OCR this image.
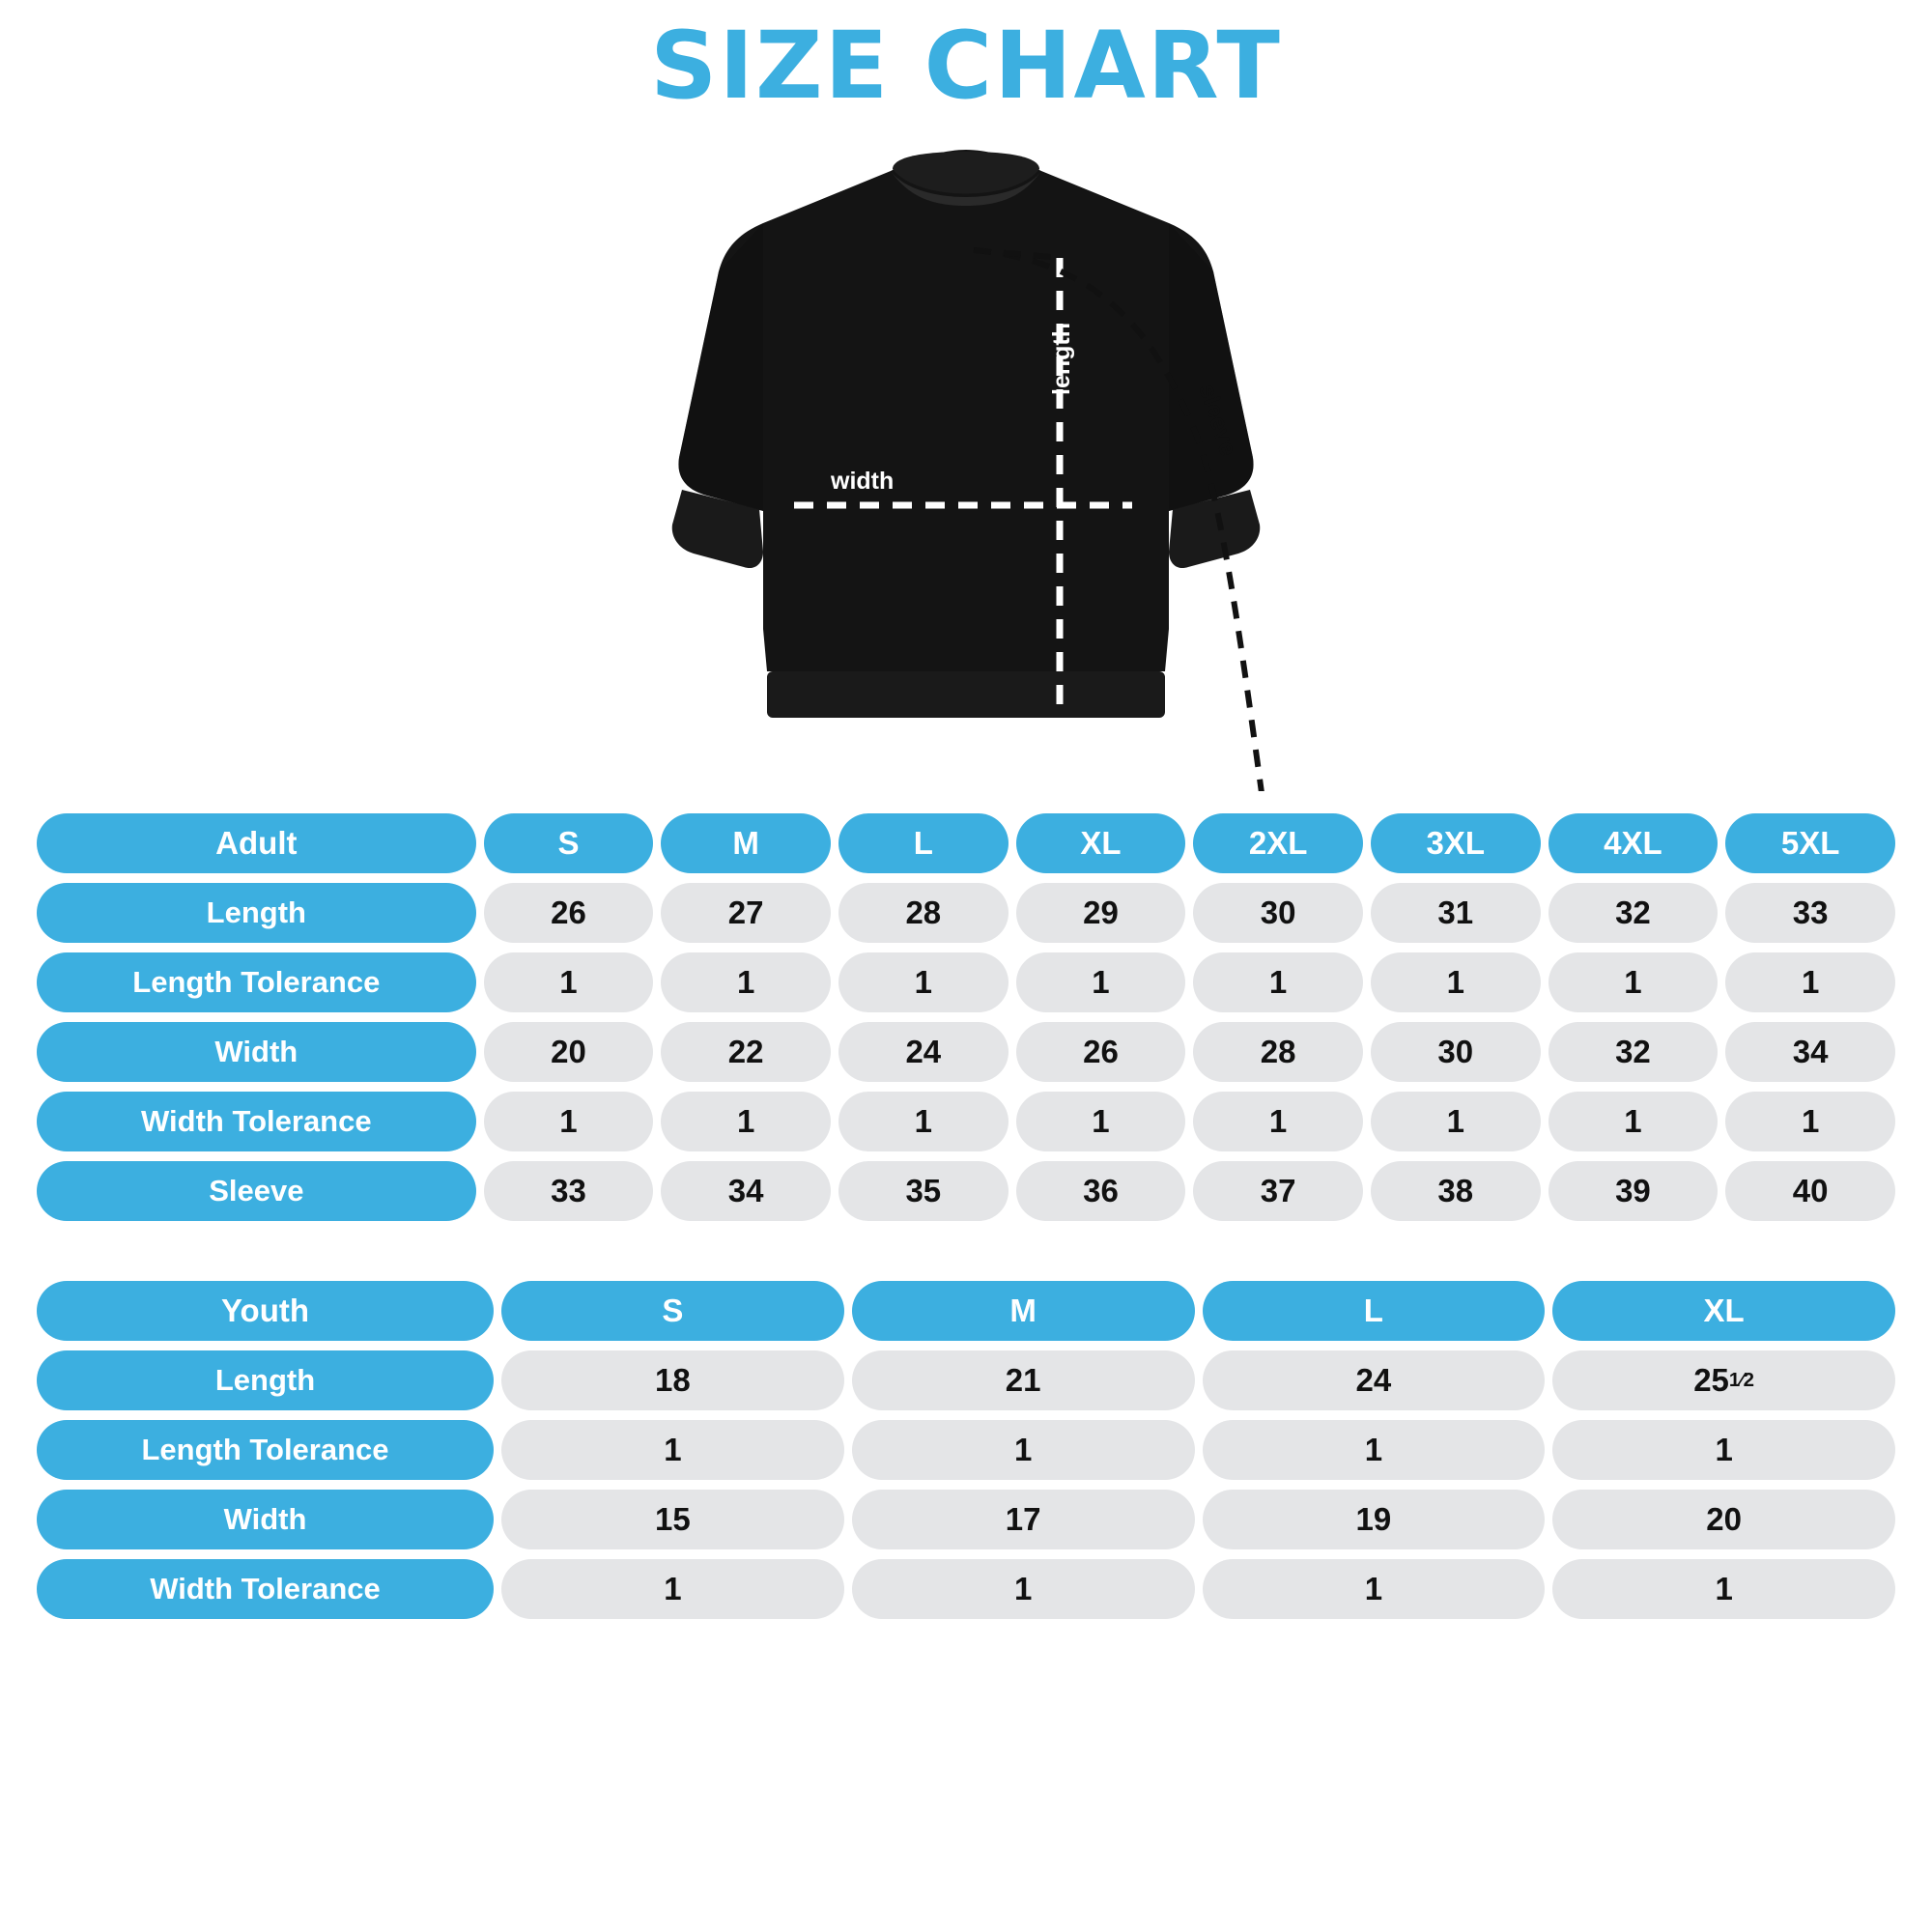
SIZE CHART
width
length
sleeve
Adult	S	M	L	XL	2XL	3XL	4XL	5XL

Length	26	27	28	29	30	31	32	33

Length Tolerance	1	1	1	1	1	1	1	1

Width	20	22	24	26	28	30	32	34

Width Tolerance	1	1	1	1	1	1	1	1

Sleeve	33	34	35	36	37	38	39	40
Youth	S	M	L	XL

Length	18	21	24	25 1⁄2

Length Tolerance	1	1	1	1

Width	15	17	19	20

Width Tolerance	1	1	1	1
